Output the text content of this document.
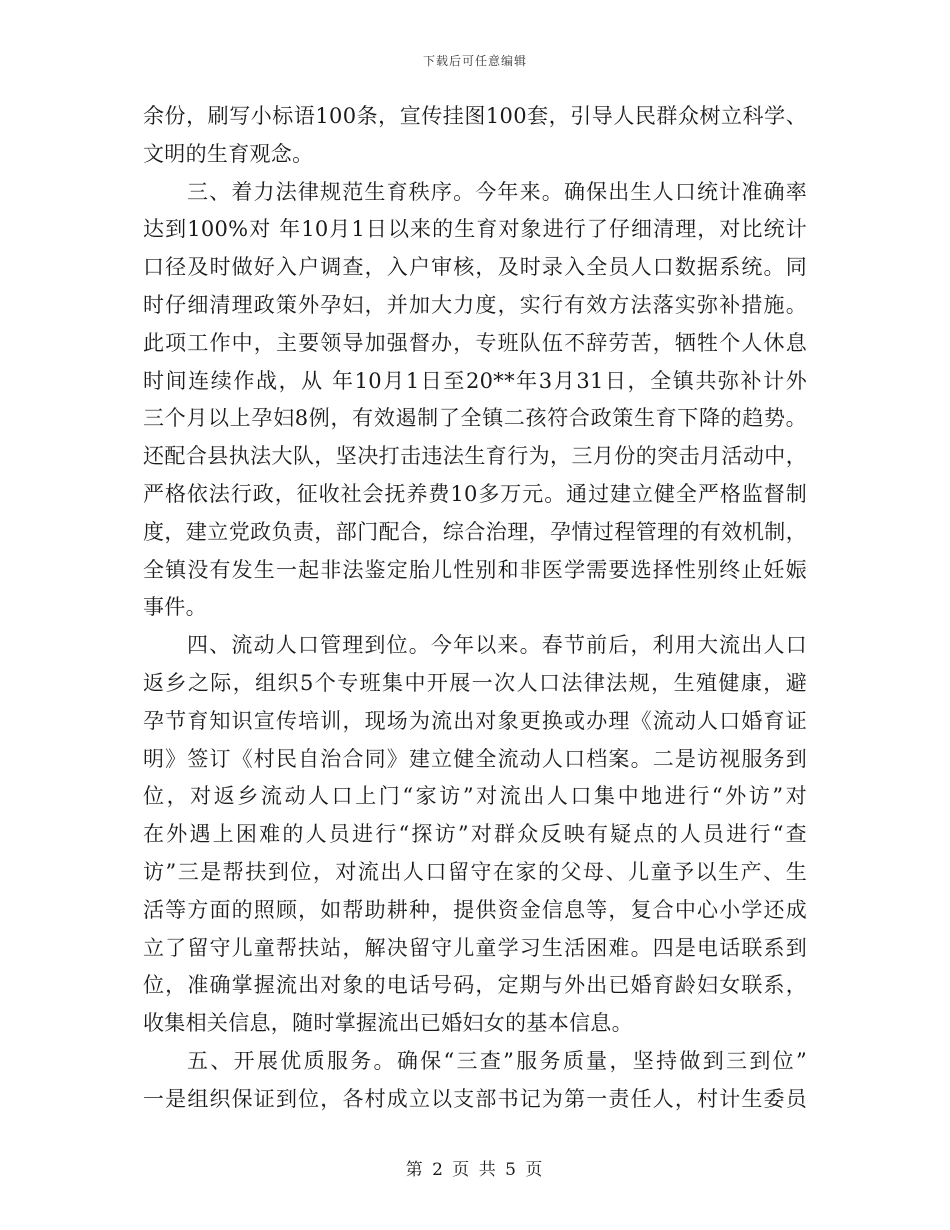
下载后可任意编辑
余份，刷写小标语100条，宣传挂图100套，引导人民群众树立科学、
文明的生育观念。
三、着力法律规范生育秩序。今年来。确保出生人口统计准确率
达到100%对 年10月1日以来的生育对象进行了仔细清理，对比统计
口径及时做好入户调查，入户审核，及时录入全员人口数据系统。同
时仔细清理政策外孕妇，并加大力度，实行有效方法落实弥补措施。
此项工作中，主要领导加强督办，专班队伍不辞劳苦，牺牲个人休息
时间连续作战，从 年10月1日至20**年3月31日，全镇共弥补计外
三个月以上孕妇8例，有效遏制了全镇二孩符合政策生育下降的趋势。
还配合县执法大队，坚决打击违法生育行为，三月份的突击月活动中，
严格依法行政，征收社会抚养费10多万元。通过建立健全严格监督制
度，建立党政负责，部门配合，综合治理，孕情过程管理的有效机制，
全镇没有发生一起非法鉴定胎儿性别和非医学需要选择性别终止妊娠
事件。
四、流动人口管理到位。今年以来。春节前后，利用大流出人口
返乡之际，组织5个专班集中开展一次人口法律法规，生殖健康，避
孕节育知识宣传培训，现场为流出对象更换或办理《流动人口婚育证
明》签订《村民自治合同》建立健全流动人口档案。二是访视服务到
位，对返乡流动人口上门“家访”对流出人口集中地进行“外访”对
在外遇上困难的人员进行“探访”对群众反映有疑点的人员进行“查
访”三是帮扶到位，对流出人口留守在家的父母、儿童予以生产、生
活等方面的照顾，如帮助耕种，提供资金信息等，复合中心小学还成
立了留守儿童帮扶站，解决留守儿童学习生活困难。四是电话联系到
位，准确掌握流出对象的电话号码，定期与外出已婚育龄妇女联系，
收集相关信息，随时掌握流出已婚妇女的基本信息。
五、开展优质服务。确保“三查”服务质量，坚持做到三到位”
一是组织保证到位，各村成立以支部书记为第一责任人，村计生委员
第 2 页 共 5 页
